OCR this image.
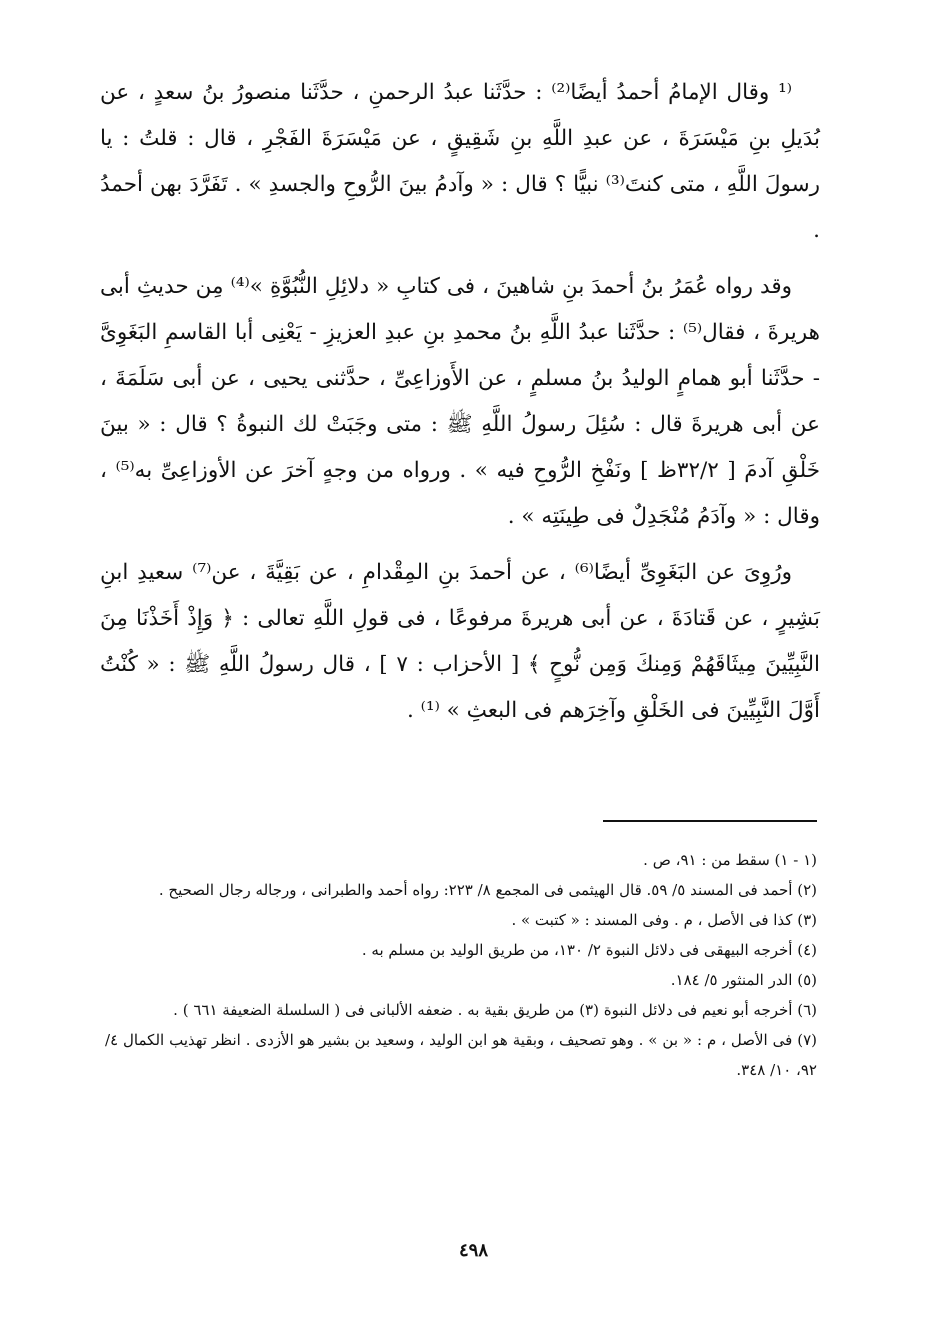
⁽¹ وقال الإمامُ أحمدُ أيضًا⁽²⁾ : حدَّثَنا عبدُ الرحمنِ ، حدَّثَنا منصورُ بنُ سعدٍ ، عن بُدَيلِ بنِ مَيْسَرَةَ ، عن عبدِ اللَّهِ بنِ شَقِيقٍ ، عن مَيْسَرَةَ الفَجْرِ ، قال : قلتُ : يا رسولَ اللَّهِ ، متى كنتَ⁽³⁾ نبيًّا ؟ قال : « وآدمُ بينَ الرُّوحِ والجسدِ » . تَفَرَّدَ بهن أحمدُ .

وقد رواه عُمَرُ بنُ أحمدَ بنِ شاهينَ ، فى كتابِ « دلائِلِ النُّبُوَّةِ »⁽⁴⁾ مِن حديثِ أبى هريرةَ ، فقال⁽⁵⁾ : حدَّثَنا عبدُ اللَّهِ بنُ محمدِ بنِ عبدِ العزيزِ - يَعْنِى أبا القاسمِ البَغَوِىَّ - حدَّثَنا أبو همامٍ الوليدُ بنُ مسلمٍ ، عن الأَوزاعِىِّ ، حدَّثنى يحيى ، عن أبى سَلَمَةَ ، عن أبى هريرةَ قال : سُئِلَ رسولُ اللَّهِ ﷺ : متى وجَبَتْ لك النبوةُ ؟ قال : « بينَ خَلْقِ آدمَ [ ٣٢/٢ظ ] ونَفْخِ الرُّوحِ فيه » . ورواه من وجهٍ آخرَ عن الأوزاعِىِّ به⁽⁵⁾ ، وقال : « وآدَمُ مُنْجَدِلٌ فى طِينَتِه » .

ورُوِىَ عن البَغَوِىِّ أيضًا⁽⁶⁾ ، عن أحمدَ بنِ المِقْدامِ ، عن بَقِيَّةَ ، عن⁽⁷⁾ سعيدِ ابنِ بَشِيرٍ ، عن قَتادَةَ ، عن أبى هريرةَ مرفوعًا ، فى قولِ اللَّهِ تعالى : ﴿ وَإِذْ أَخَذْنَا مِنَ النَّبِيِّينَ مِيثَاقَهُمْ وَمِنكَ وَمِن نُّوحٍ ﴾ [ الأحزاب : ٧ ] ، قال رسولُ اللَّهِ ﷺ : « كُنْتُ أَوَّلَ النَّبِيِّينَ فى الخَلْقِ وآخِرَهم فى البعثِ » ⁽¹⁾ .

(١ - ١) سقط من : ٩١، ص .

(٢) أحمد فى المسند ٥/ ٥٩. قال الهيثمى فى المجمع ٨/ ٢٢٣: رواه أحمد والطبرانى ، ورجاله رجال الصحيح .

(٣) كذا فى الأصل ، م . وفى المسند : « كتبت » .

(٤) أخرجه البيهقى فى دلائل النبوة ٢/ ١٣٠، من طريق الوليد بن مسلم به .

(٥) الدر المنثور ٥/ ١٨٤.

(٦) أخرجه أبو نعيم فى دلائل النبوة (٣) من طريق بقية به . ضعفه الألبانى فى ( السلسلة الضعيفة ٦٦١ ) .

(٧) فى الأصل ، م : « بن » . وهو تصحيف ، وبقية هو ابن الوليد ، وسعيد بن بشير هو الأزدى . انظر تهذيب الكمال ٤/ ٩٢، ١٠/ ٣٤٨.

٤٩٨
